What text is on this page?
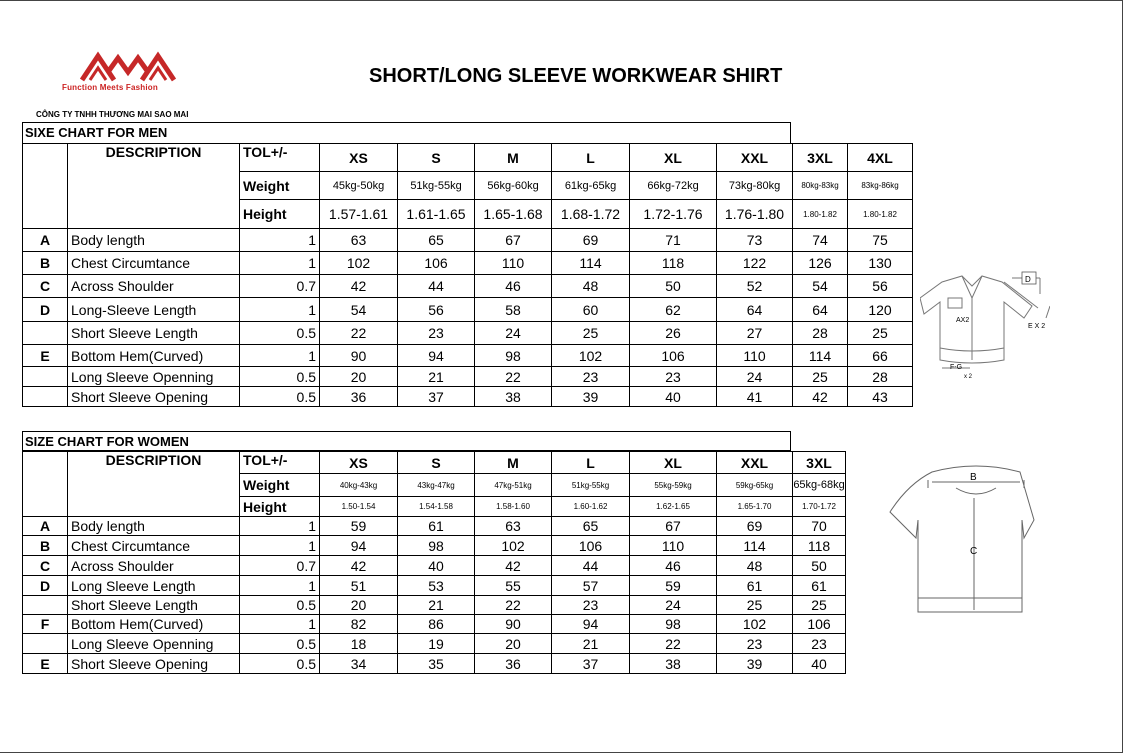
Function Meets Fashion
CÔNG TY TNHH THƯƠNG MAI SAO MAI
SHORT/LONG SLEEVE WORKWEAR SHIRT
SIXE CHART FOR MEN
	DESCRIPTION	TOL+/-	XS	S	M	L	XL	XXL	3XL	4XL
		Weight	45kg-50kg	51kg-55kg	56kg-60kg	61kg-65kg	66kg-72kg	73kg-80kg	80kg-83kg	83kg-86kg
		Height	1.57-1.61	1.61-1.65	1.65-1.68	1.68-1.72	1.72-1.76	1.76-1.80	1.80-1.82	1.80-1.82
A	Body length	1	63	65	67	69	71	73	74	75
B	Chest Circumtance	1	102	106	110	114	118	122	126	130
C	Across Shoulder	0.7	42	44	46	48	50	52	54	56
D	Long-Sleeve Length	1	54	56	58	60	62	64	64	120
	Short Sleeve Length	0.5	22	23	24	25	26	27	28	25
E	Bottom Hem(Curved)	1	90	94	98	102	106	110	114	66
	Long Sleeve Openning	0.5	20	21	22	23	23	24	25	28
	Short Sleeve Opening	0.5	36	37	38	39	40	41	42	43
SIZE CHART FOR WOMEN
	DESCRIPTION	TOL+/-	XS	S	M	L	XL	XXL	3XL
		Weight	40kg-43kg	43kg-47kg	47kg-51kg	51kg-55kg	55kg-59kg	59kg-65kg	65kg-68kg
		Height	1.50-1.54	1.54-1.58	1.58-1.60	1.60-1.62	1.62-1.65	1.65-1.70	1.70-1.72
A	Body length	1	59	61	63	65	67	69	70
B	Chest Circumtance	1	94	98	102	106	110	114	118
C	Across Shoulder	0.7	42	40	42	44	46	48	50
D	Long Sleeve Length	1	51	53	55	57	59	61	61
	Short Sleeve Length	0.5	20	21	22	23	24	25	25
F	Bottom Hem(Curved)	1	82	86	90	94	98	102	106
	Long Sleeve Openning	0.5	18	19	20	21	22	23	23
E	Short Sleeve Opening	0.5	34	35	36	37	38	39	40
D
AX2
E X 2
F-G
x 2
B
C
